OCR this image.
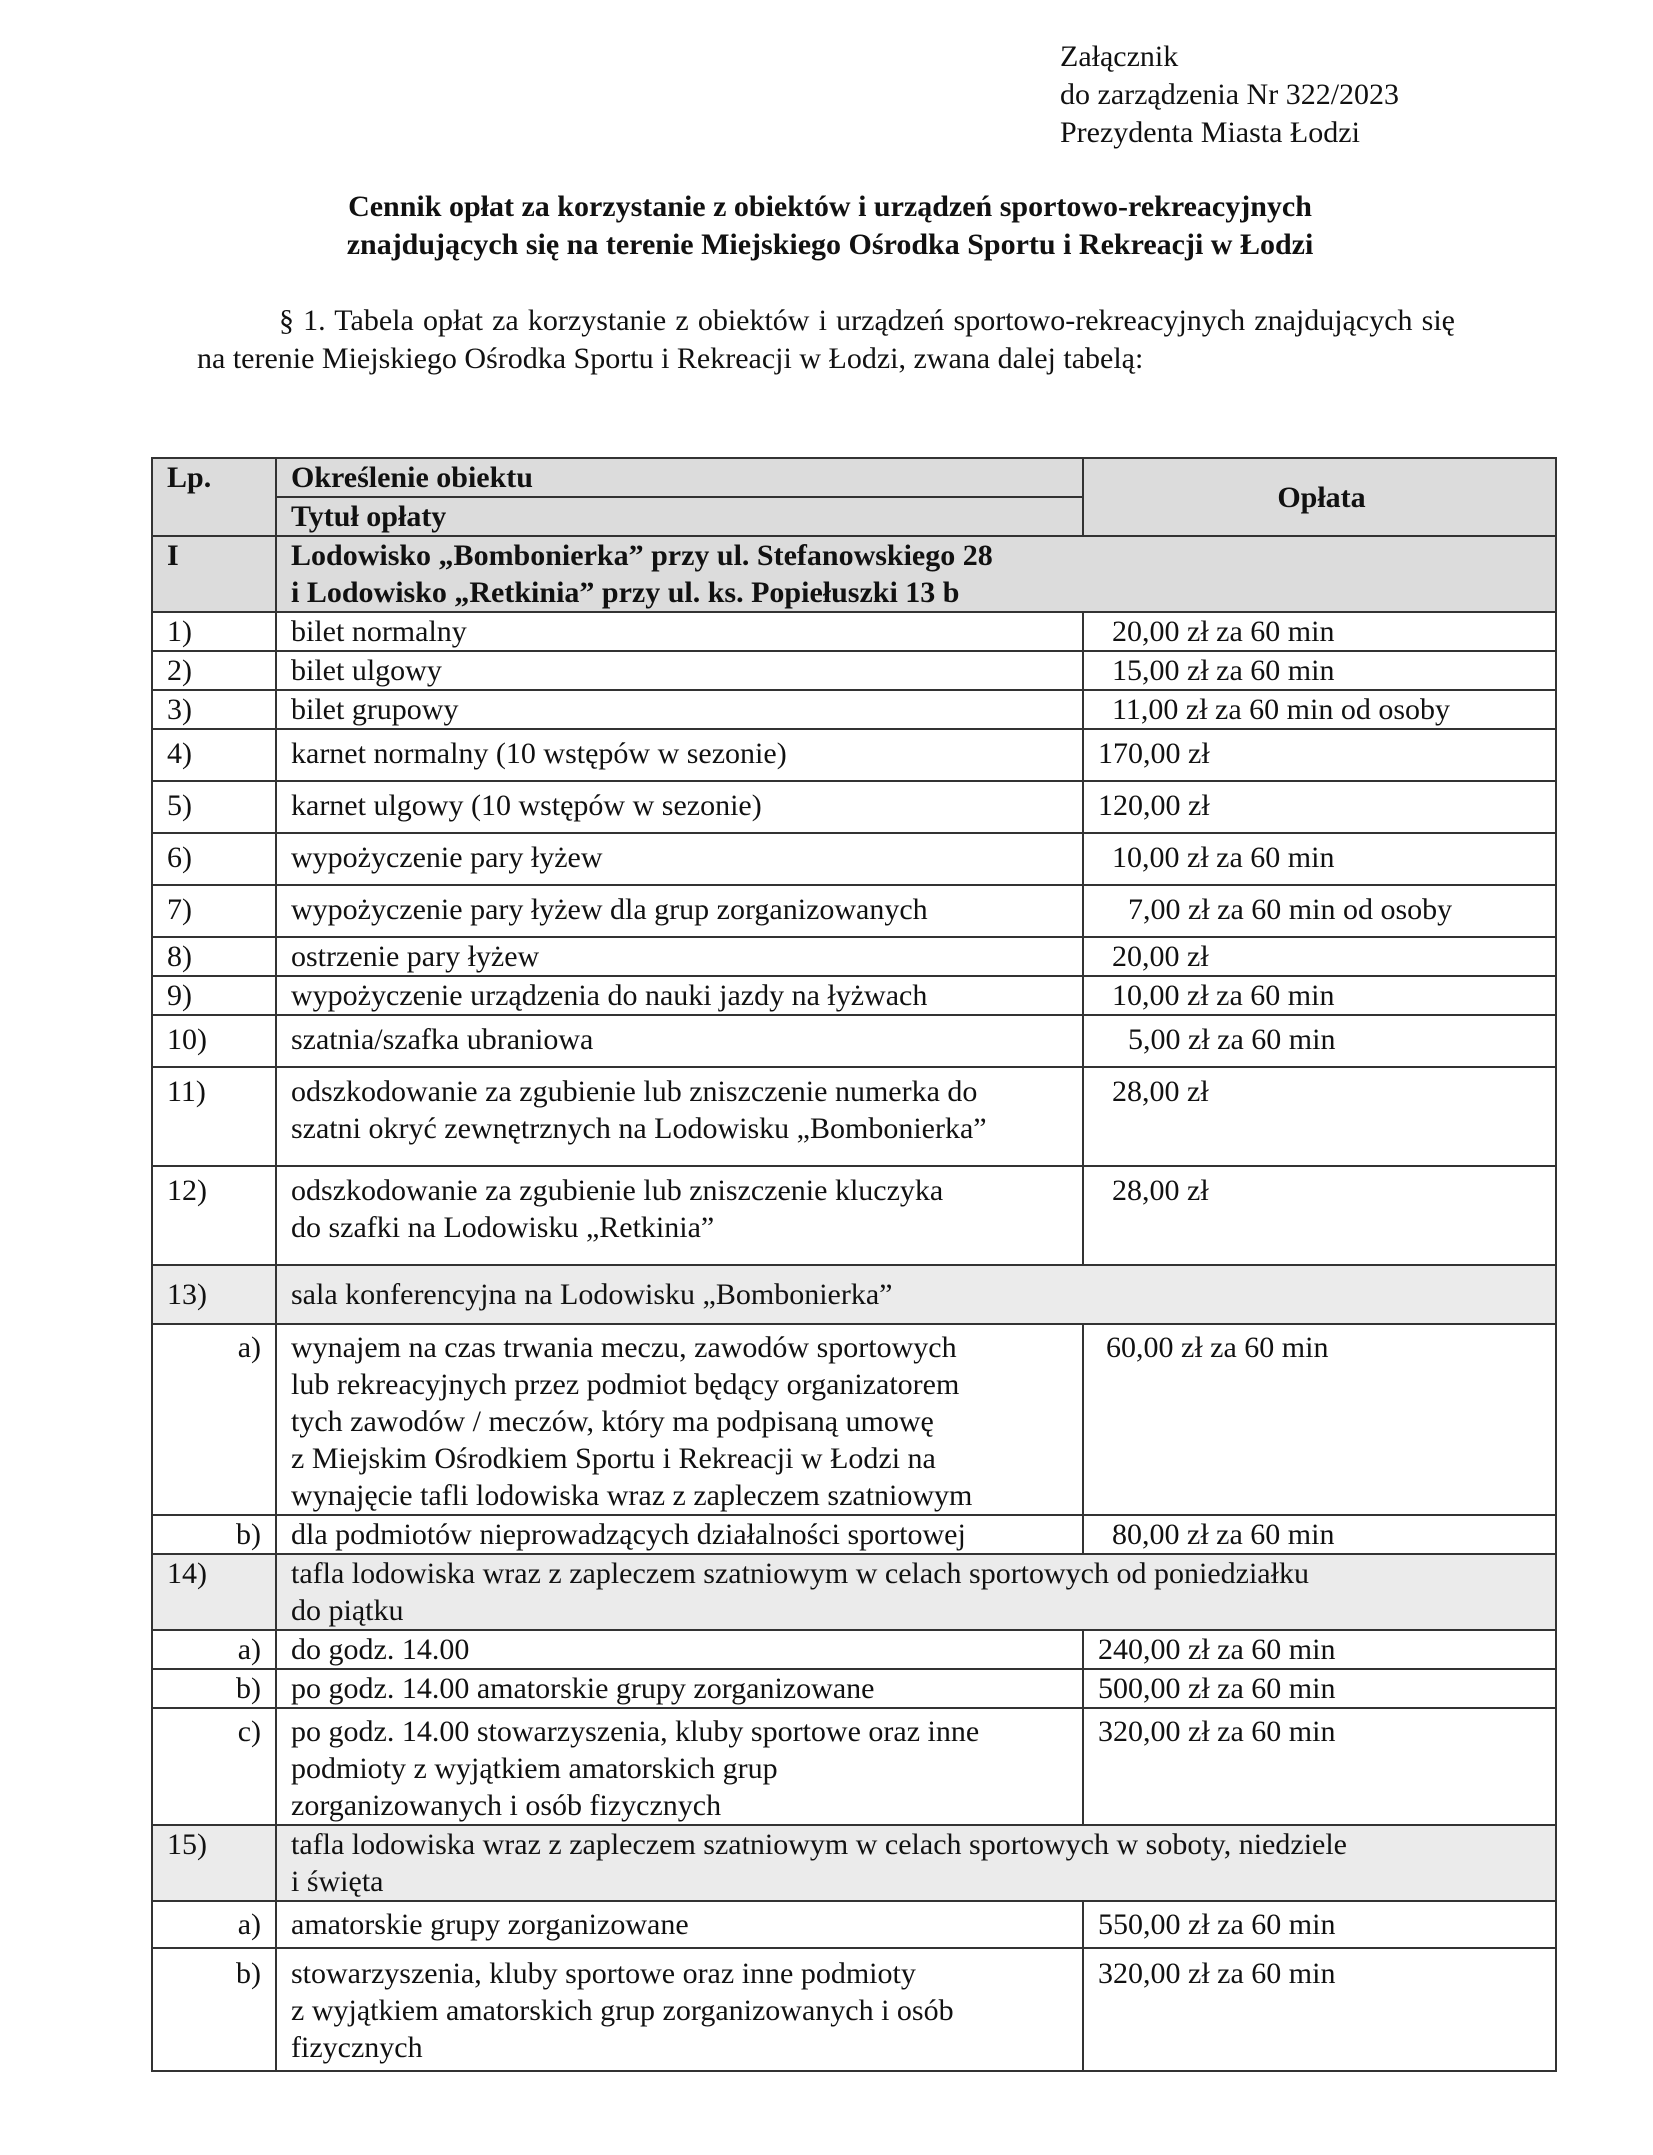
Załącznik
do zarządzenia Nr 322/2023
Prezydenta Miasta Łodzi
Cennik opłat za korzystanie z obiektów i urządzeń sportowo-rekreacyjnych
znajdujących się na terenie Miejskiego Ośrodka Sportu i Rekreacji w Łodzi
§ 1. Tabela opłat za korzystanie z obiektów i urządzeń sportowo-rekreacyjnych znajdujących się na terenie Miejskiego Ośrodka Sportu i Rekreacji w Łodzi, zwana dalej tabelą:
Lp.	Określenie obiektu	Opłata
	Tytuł opłaty	
I	Lodowisko „Bombonierka” przy ul. Stefanowskiego 28
i Lodowisko „Retkinia” przy ul. ks. Popiełuszki 13 b	

1)	bilet normalny	20,00 zł za 60 min
2)	bilet ulgowy	15,00 zł za 60 min
3)	bilet grupowy	11,00 zł za 60 min od osoby
4)	karnet normalny (10 wstępów w sezonie)	170,00 zł
5)	karnet ulgowy (10 wstępów w sezonie)	120,00 zł
6)	wypożyczenie pary łyżew	10,00 zł za 60 min
7)	wypożyczenie pary łyżew dla grup zorganizowanych	7,00 zł za 60 min od osoby
8)	ostrzenie pary łyżew	20,00 zł
9)	wypożyczenie urządzenia do nauki jazdy na łyżwach	10,00 zł za 60 min
10)	szatnia/szafka ubraniowa	5,00 zł za 60 min
11)	odszkodowanie za zgubienie lub zniszczenie numerka do
szatni okryć zewnętrznych na Lodowisku „Bombonierka”	28,00 zł
12)	odszkodowanie za zgubienie lub zniszczenie kluczyka
do szafki na Lodowisku „Retkinia”	28,00 zł
13)	sala konferencyjna na Lodowisku „Bombonierka”	
a)	wynajem na czas trwania meczu, zawodów sportowych
lub rekreacyjnych przez podmiot będący organizatorem
tych zawodów / meczów, który ma podpisaną umowę
z Miejskim Ośrodkiem Sportu i Rekreacji w Łodzi na
wynajęcie tafli lodowiska wraz z zapleczem szatniowym	60,00 zł za 60 min
b)	dla podmiotów nieprowadzących działalności sportowej	80,00 zł za 60 min
14)	tafla lodowiska wraz z zapleczem szatniowym w celach sportowych od poniedziałku
do piątku	

a)	do godz. 14.00	240,00 zł za 60 min
b)	po godz. 14.00 amatorskie grupy zorganizowane	500,00 zł za 60 min
c)	po godz. 14.00 stowarzyszenia, kluby sportowe oraz inne
podmioty z wyjątkiem amatorskich grup
zorganizowanych i osób fizycznych	320,00 zł za 60 min
15)	tafla lodowiska wraz z zapleczem szatniowym w celach sportowych w soboty, niedziele
i święta	

a)	amatorskie grupy zorganizowane	550,00 zł za 60 min
b)	stowarzyszenia, kluby sportowe oraz inne podmioty
z wyjątkiem amatorskich grup zorganizowanych i osób
fizycznych	320,00 zł za 60 min
